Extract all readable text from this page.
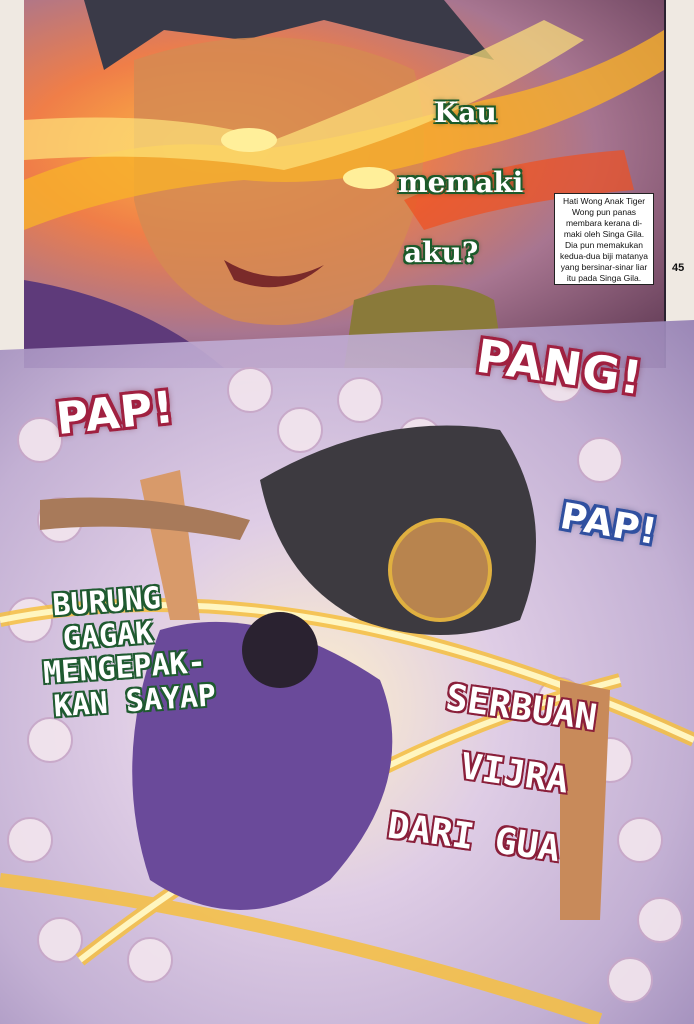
Kau
memaki
aku?
Hati Wong Anak Tiger Wong pun panas membara kerana di-maki oleh Singa Gila. Dia pun memakukan kedua-dua biji matanya yang bersinar-sinar liar itu pada Singa Gila.
45
PAP!
PANG!
PAP!
BURUNG
GAGAK
MENGEPAK-
KAN SAYAP	SERBUAN
VIJRA
DARI GUA
